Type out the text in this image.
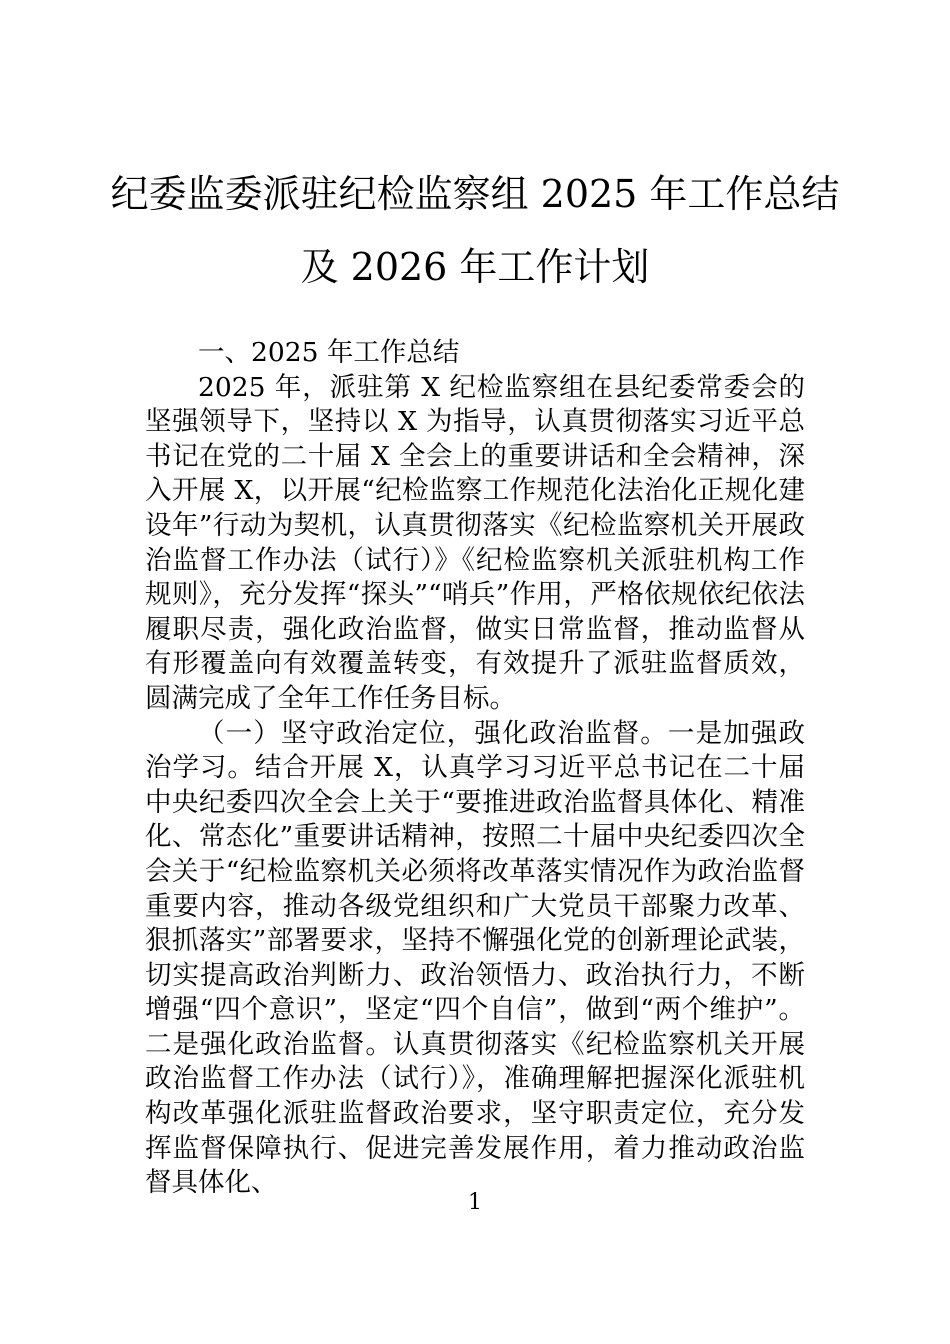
纪委监委派驻纪检监察组 2025 年工作总结
及 2026 年工作计划

一、2025 年工作总结

2025 年，派驻第 X 纪检监察组在县纪委常委会的坚强领导下，坚持以 X 为指导，认真贯彻落实习近平总书记在党的二十届 X 全会上的重要讲话和全会精神，深入开展 X，以开展“纪检监察工作规范化法治化正规化建设年”行动为契机，认真贯彻落实《纪检监察机关开展政治监督工作办法（试行）》《纪检监察机关派驻机构工作规则》，充分发挥“探头”“哨兵”作用，严格依规依纪依法履职尽责，强化政治监督，做实日常监督，推动监督从有形覆盖向有效覆盖转变，有效提升了派驻监督质效，圆满完成了全年工作任务目标。

（一）坚守政治定位，强化政治监督。一是加强政治学习。结合开展 X，认真学习习近平总书记在二十届中央纪委四次全会上关于“要推进政治监督具体化、精准化、常态化”重要讲话精神，按照二十届中央纪委四次全会关于“纪检监察机关必须将改革落实情况作为政治监督重要内容，推动各级党组织和广大党员干部聚力改革、狠抓落实”部署要求，坚持不懈强化党的创新理论武装，切实提高政治判断力、政治领悟力、政治执行力，不断增强“四个意识”，坚定“四个自信”，做到“两个维护”。二是强化政治监督。认真贯彻落实《纪检监察机关开展政治监督工作办法（试行）》，准确理解把握深化派驻机构改革强化派驻监督政治要求，坚守职责定位，充分发挥监督保障执行、促进完善发展作用，着力推动政治监督具体化、

1
